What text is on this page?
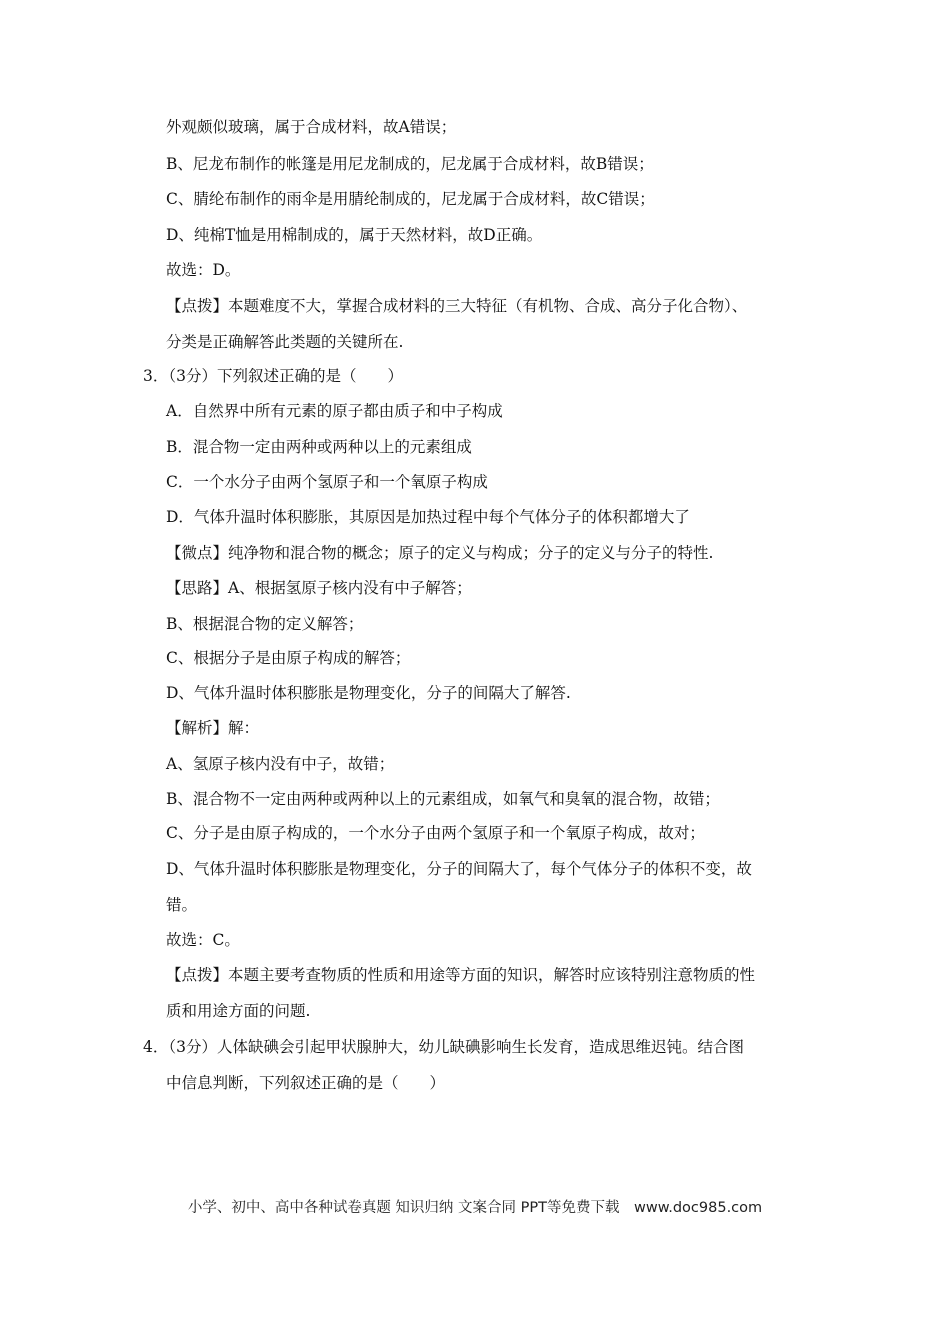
外观颇似玻璃，属于合成材料，故A错误；
B、尼龙布制作的帐篷是用尼龙制成的，尼龙属于合成材料，故B错误；
C、腈纶布制作的雨伞是用腈纶制成的，尼龙属于合成材料，故C错误；
D、纯棉T恤是用棉制成的，属于天然材料，故D正确。
故选：D。
【点拨】本题难度不大，掌握合成材料的三大特征（有机物、合成、高分子化合物）、
分类是正确解答此类题的关键所在.
3．（3分）下列叙述正确的是（　　）
A．自然界中所有元素的原子都由质子和中子构成
B．混合物一定由两种或两种以上的元素组成
C．一个水分子由两个氢原子和一个氧原子构成
D．气体升温时体积膨胀，其原因是加热过程中每个气体分子的体积都增大了
【微点】纯净物和混合物的概念；原子的定义与构成；分子的定义与分子的特性.
【思路】A、根据氢原子核内没有中子解答；
B、根据混合物的定义解答；
C、根据分子是由原子构成的解答；
D、气体升温时体积膨胀是物理变化，分子的间隔大了解答.
【解析】解：
A、氢原子核内没有中子，故错；
B、混合物不一定由两种或两种以上的元素组成，如氧气和臭氧的混合物，故错；
C、分子是由原子构成的，一个水分子由两个氢原子和一个氧原子构成，故对；
D、气体升温时体积膨胀是物理变化，分子的间隔大了，每个气体分子的体积不变，故
错。
故选：C。
【点拨】本题主要考查物质的性质和用途等方面的知识，解答时应该特别注意物质的性
质和用途方面的问题.
4．（3分）人体缺碘会引起甲状腺肿大，幼儿缺碘影响生长发育，造成思维迟钝。结合图
中信息判断，下列叙述正确的是（　　）
小学、初中、高中各种试卷真题 知识归纳 文案合同 PPT等免费下载　www.doc985.com
